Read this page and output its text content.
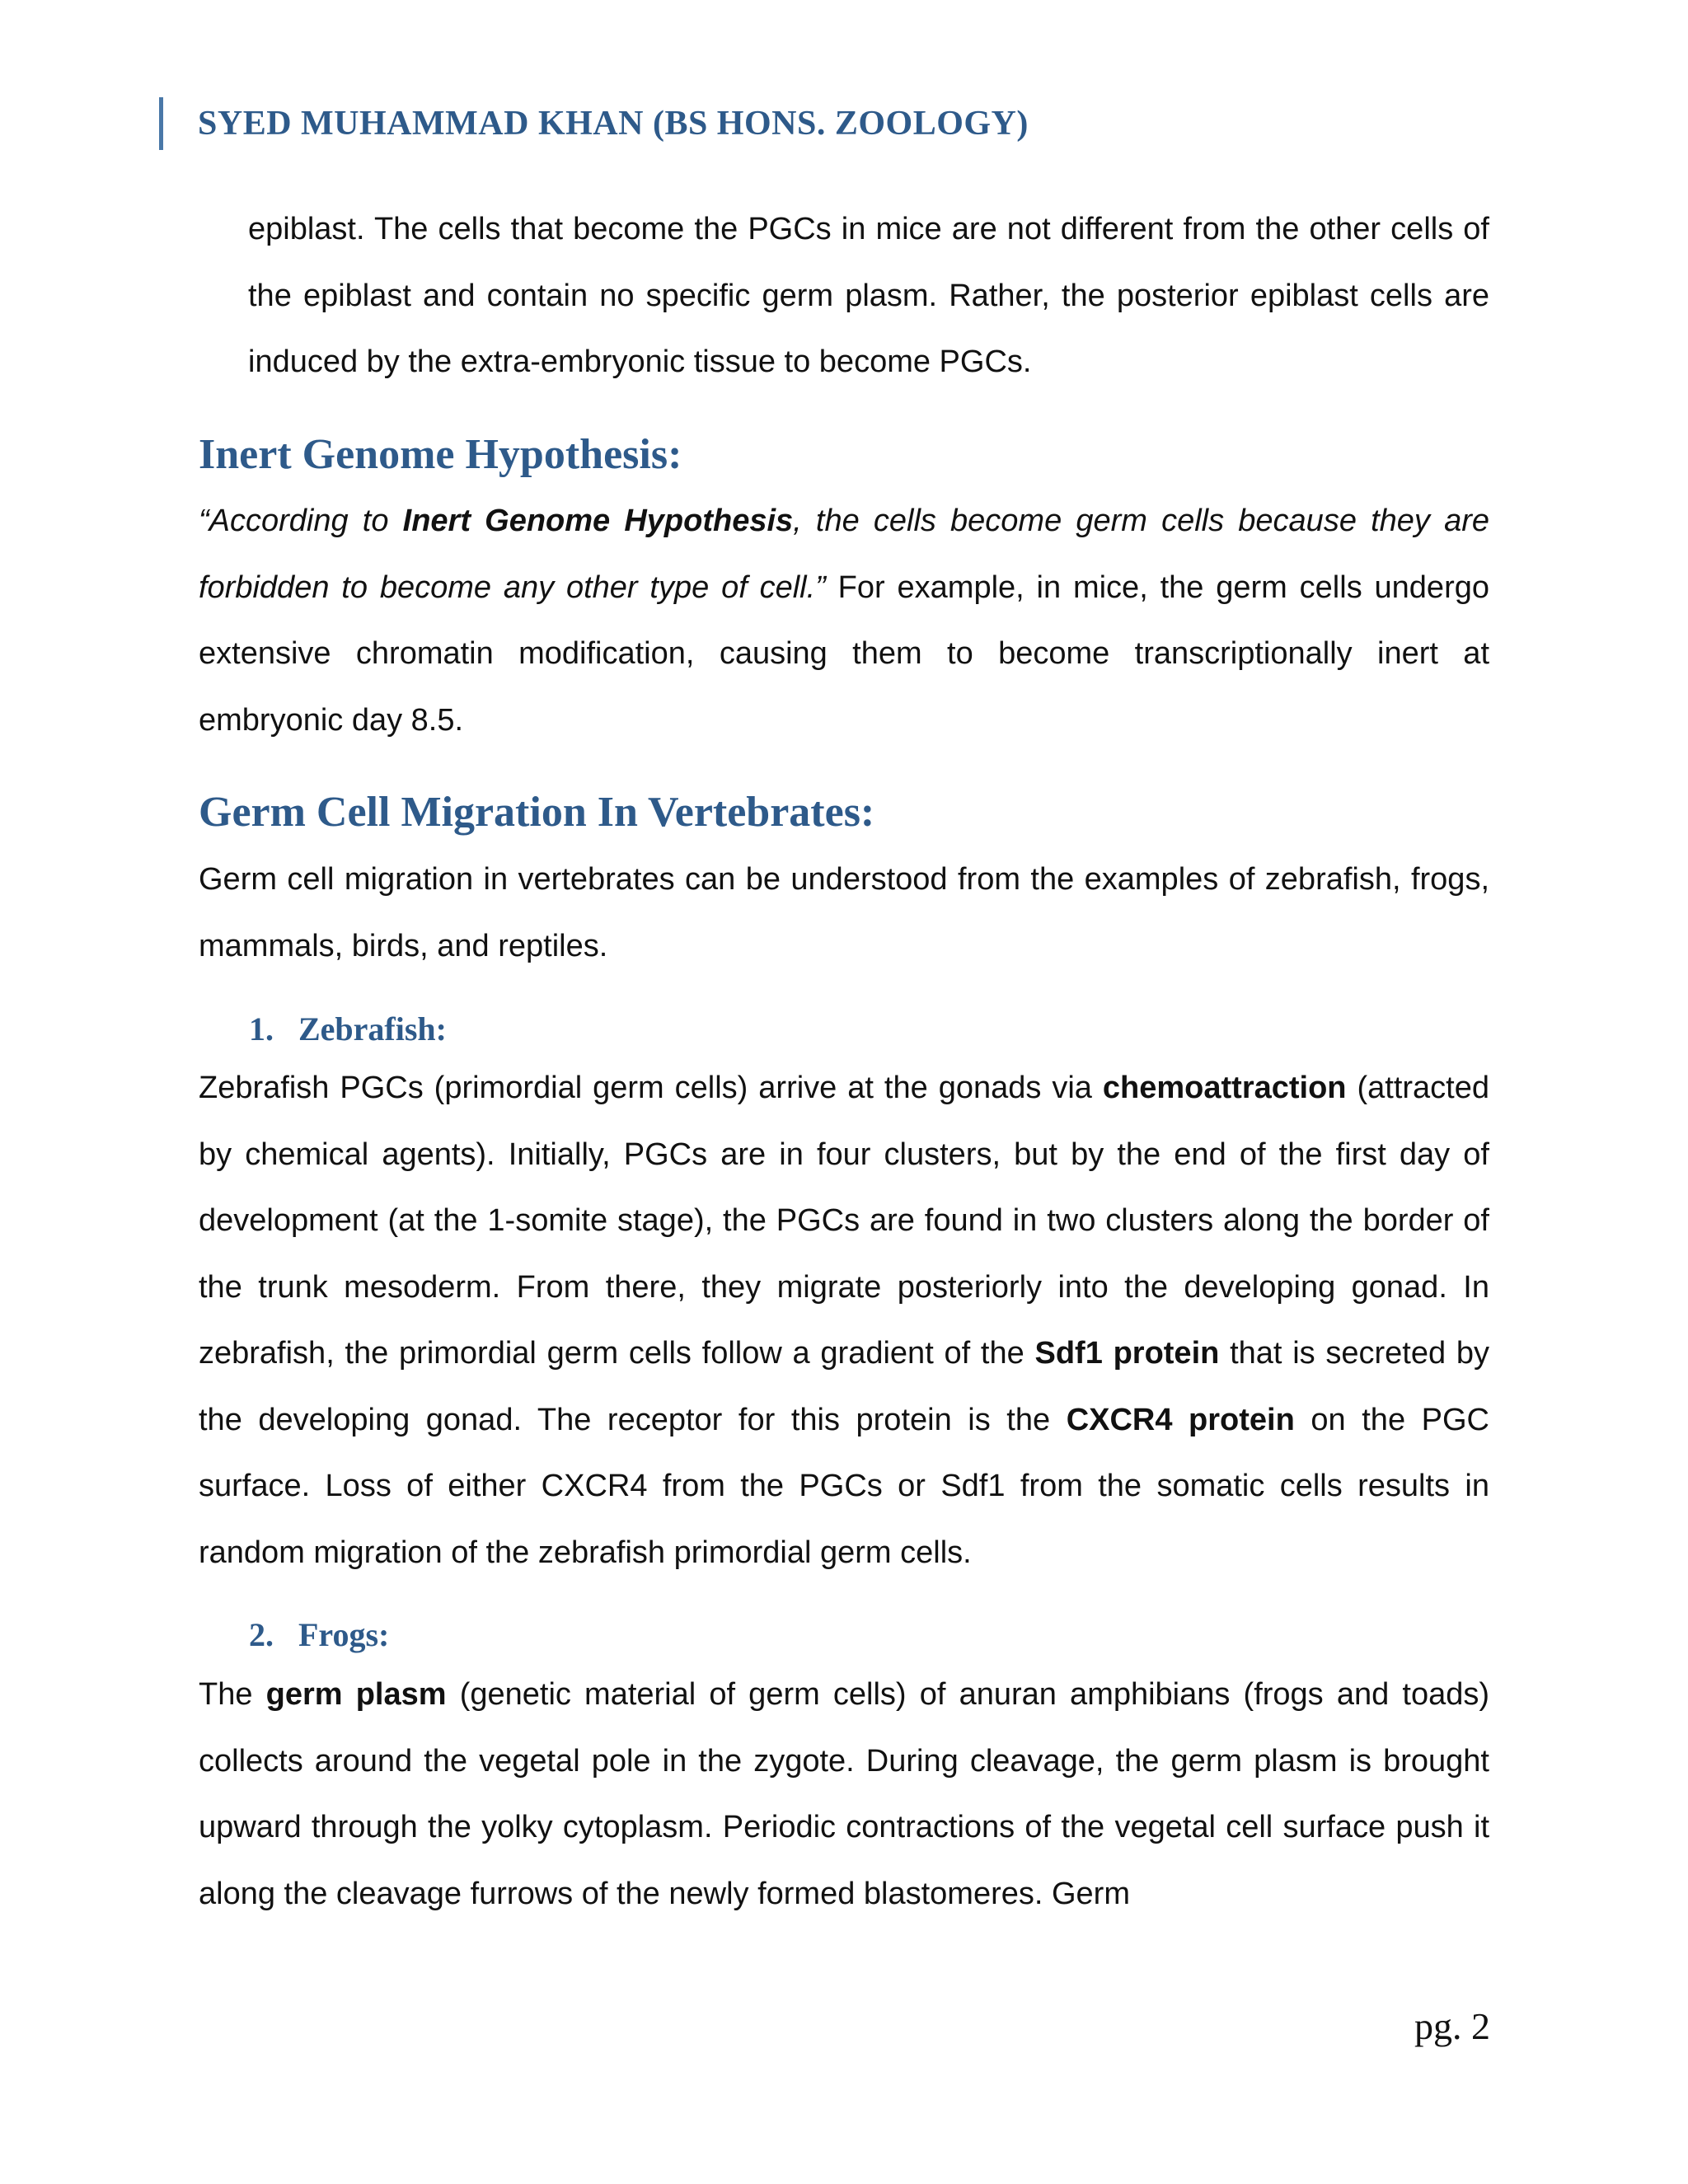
SYED MUHAMMAD KHAN (BS HONS. ZOOLOGY)

epiblast. The cells that become the PGCs in mice are not different from the other cells of the epiblast and contain no specific germ plasm. Rather, the posterior epiblast cells are induced by the extra-embryonic tissue to become PGCs.

Inert Genome Hypothesis:

“According to Inert Genome Hypothesis, the cells become germ cells because they are forbidden to become any other type of cell.” For example, in mice, the germ cells undergo extensive chromatin modification, causing them to become transcriptionally inert at embryonic day 8.5.

Germ Cell Migration In Vertebrates:

Germ cell migration in vertebrates can be understood from the examples of zebrafish, frogs, mammals, birds, and reptiles.

1. Zebrafish:

Zebrafish PGCs (primordial germ cells) arrive at the gonads via chemoattraction (attracted by chemical agents). Initially, PGCs are in four clusters, but by the end of the first day of development (at the 1-somite stage), the PGCs are found in two clusters along the border of the trunk mesoderm. From there, they migrate posteriorly into the developing gonad. In zebrafish, the primordial germ cells follow a gradient of the Sdf1 protein that is secreted by the developing gonad. The receptor for this protein is the CXCR4 protein on the PGC surface. Loss of either CXCR4 from the PGCs or Sdf1 from the somatic cells results in random migration of the zebrafish primordial germ cells.

2. Frogs:

The germ plasm (genetic material of germ cells) of anuran amphibians (frogs and toads) collects around the vegetal pole in the zygote. During cleavage, the germ plasm is brought upward through the yolky cytoplasm. Periodic contractions of the vegetal cell surface push it along the cleavage furrows of the newly formed blastomeres. Germ

pg. 2
